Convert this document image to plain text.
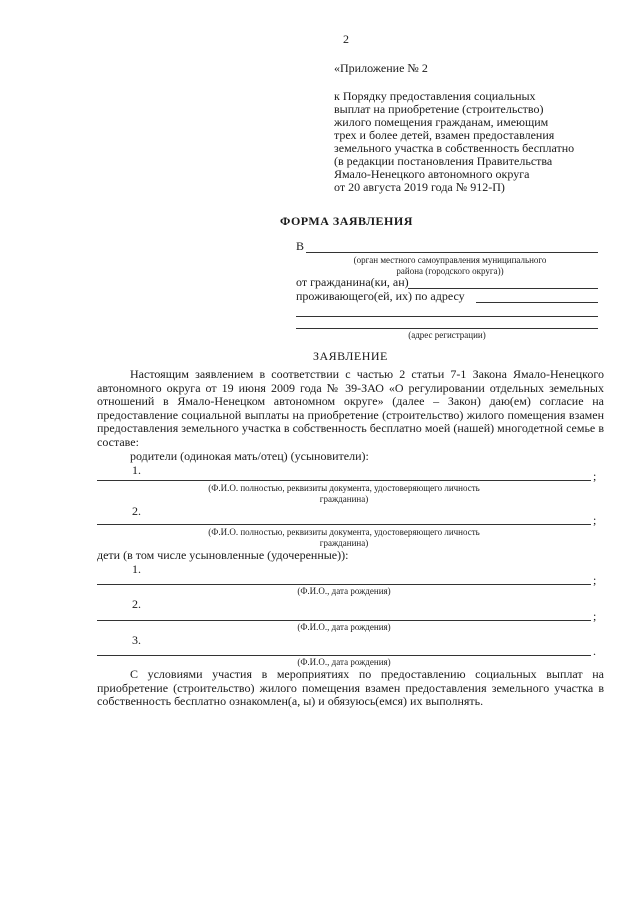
2
«Приложение № 2
к Порядку предоставления социальных
выплат на приобретение (строительство)
жилого помещения гражданам, имеющим
трех и более детей, взамен предоставления
земельного участка в собственность бесплатно
(в редакции постановления Правительства
Ямало-Ненецкого автономного округа
от 20 августа 2019 года № 912-П)
ФОРМА ЗАЯВЛЕНИЯ
В
(орган местного самоуправления муниципального
района (городского округа))
от гражданина(ки, ан)
проживающего(ей, их) по адресу
(адрес регистрации)
ЗАЯВЛЕНИЕ

Настоящим заявлением в соответствии с частью 2 статьи 7-1 Закона Ямало-Ненецкого автономного округа от 19 июня 2009 года № 39-ЗАО «О регулировании отдельных земельных отношений в Ямало-Ненецком автономном округе» (далее – Закон) даю(ем) согласие на предоставление социальной выплаты на приобретение (строительство) жилого помещения взамен предоставления земельного участка в собственность бесплатно моей (нашей) многодетной семье в составе:

родители (одинокая мать/отец) (усыновители):
1.	;
(Ф.И.О. полностью, реквизиты документа, удостоверяющего личность
гражданина)
2.
;
(Ф.И.О. полностью, реквизиты документа, удостоверяющего личность
гражданина)
дети (в том числе усыновленные (удочеренные)):
1.
;
(Ф.И.О., дата рождения)
2.
;
(Ф.И.О., дата рождения)
3.
.
(Ф.И.О., дата рождения)

С условиями участия в мероприятиях по предоставлению социальных выплат на приобретение (строительство) жилого помещения взамен предоставления земельного участка в собственность бесплатно ознакомлен(а, ы) и обязуюсь(емся) их выполнять.
